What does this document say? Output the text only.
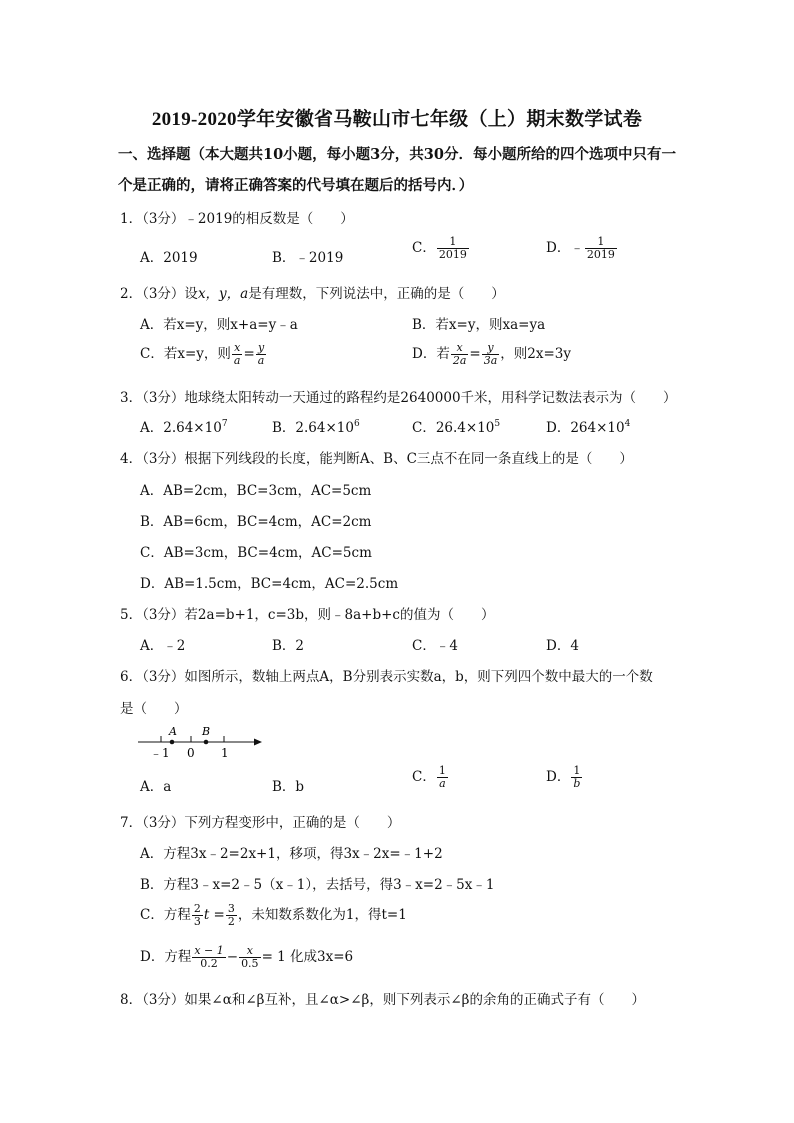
2019-2020学年安徽省马鞍山市七年级（上）期末数学试卷
一、选择题（本大题共10小题，每小题3分，共30分．每小题所给的四个选项中只有一个是正确的，请将正确答案的代号填在题后的括号内．）
1．（3分）﹣2019的相反数是（　　）
A．2019	B．﹣2019
C． $\frac{1}{2019}$	D．﹣ $\frac{1}{2019}$
2．（3分）设x，y，a是有理数，下列说法中，正确的是（　　）
A．若x=y，则x+a=y﹣a	B．若x=y，则xa=ya
C．若x=y，则 $\frac{x}{a} = \frac{y}{a}$	D．若 $\frac{x}{2a} = \frac{y}{3a}$ ，则2x=3y
3．（3分）地球绕太阳转动一天通过的路程约是2640000千米，用科学记数法表示为（　　）
A．$2.64\times 10^7$	B．$2.64\times 10^6$	C．$26.4\times 10^5$	D．$264\times 10^4$
4．（3分）根据下列线段的长度，能判断A、B、C三点不在同一条直线上的是（　　）
A．AB=2cm，BC=3cm，AC=5cm
B．AB=6cm，BC=4cm，AC=2cm
C．AB=3cm，BC=4cm，AC=5cm
D．AB=1.5cm，BC=4cm，AC=2.5cm
5．（3分）若2a=b+1，c=3b，则﹣8a+b+c的值为（　　）
A．﹣2	B．2	C．﹣4	D．4
6．（3分）如图所示，数轴上两点A，B分别表示实数a，b，则下列四个数中最大的一个数
是（　　）
A B
﹣1 0 1
A．a	B．b
C． $\frac{1}{a}$	D． $\frac{1}{b}$
7．（3分）下列方程变形中，正确的是（　　）
A．方程3x﹣2=2x+1，移项，得3x﹣2x=﹣1+2
B．方程3﹣x=2﹣5（x﹣1），去括号，得3﹣x=2﹣5x﹣1
C．方程 $\frac{2}{3}$ $t = \frac{3}{2}$ ，未知数系数化为1，得t=1
D．方程 $\frac{x - 1}{0.2} - \frac{x}{0.5} = 1$ 化成3x=6
8．（3分）如果∠α和∠β互补，且∠α>∠β，则下列表示∠β的余角的正确式子有（　　）
